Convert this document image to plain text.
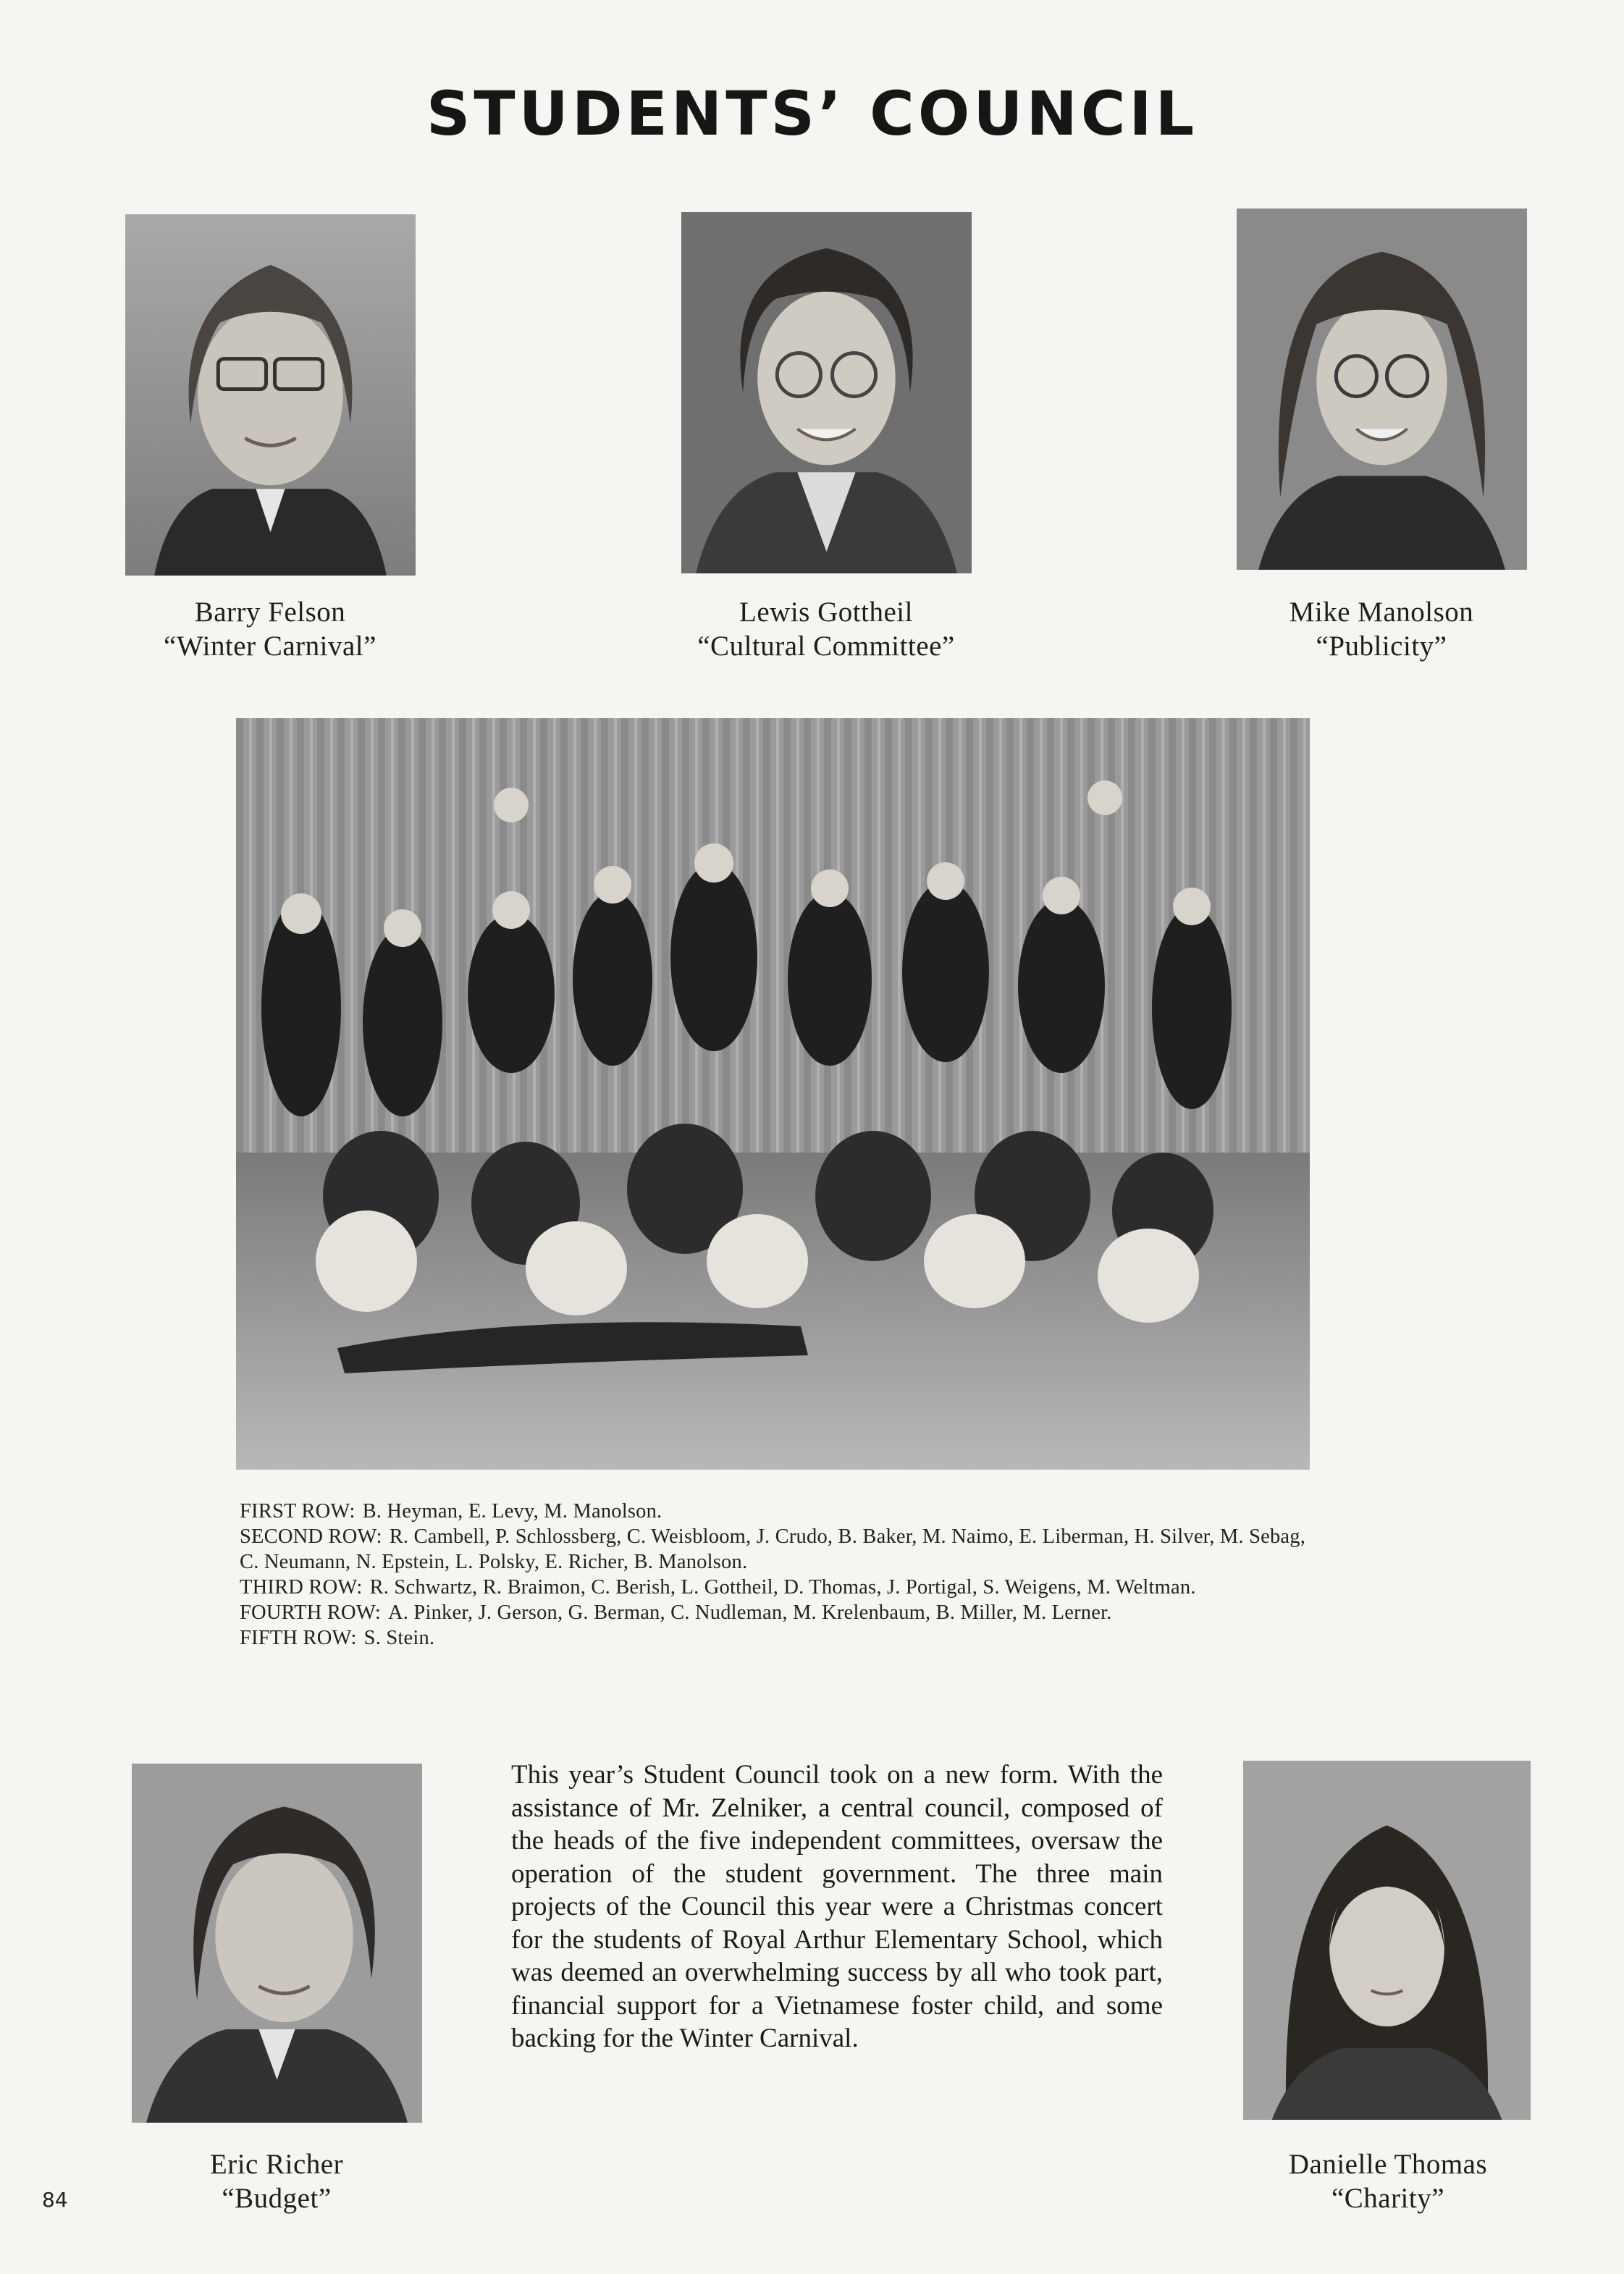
STUDENTS’ COUNCIL
Barry Felson
“Winter Carnival”
Lewis Gottheil
“Cultural Committee”
Mike Manolson
“Publicity”
FIRST ROW: B. Heyman, E. Levy, M. Manolson.
SECOND ROW: R. Cambell, P. Schlossberg, C. Weisbloom, J. Crudo, B. Baker, M. Naimo, E. Liberman, H. Silver, M. Sebag, C. Neumann, N. Epstein, L. Polsky, E. Richer, B. Manolson.
THIRD ROW: R. Schwartz, R. Braimon, C. Berish, L. Gottheil, D. Thomas, J. Portigal, S. Weigens, M. Weltman.
FOURTH ROW: A. Pinker, J. Gerson, G. Berman, C. Nudleman, M. Krelenbaum, B. Miller, M. Lerner.
FIFTH ROW: S. Stein.
Eric Richer
“Budget”
This year’s Student Council took on a new form. With the assistance of Mr. Zelniker, a central council, composed of the heads of the five independent committees, oversaw the operation of the student government. The three main projects of the Council this year were a Christmas concert for the students of Royal Arthur Elementary School, which was deemed an overwhelming success by all who took part, financial support for a Vietnamese foster child, and some backing for the Winter Carnival.
Danielle Thomas
“Charity”
84
